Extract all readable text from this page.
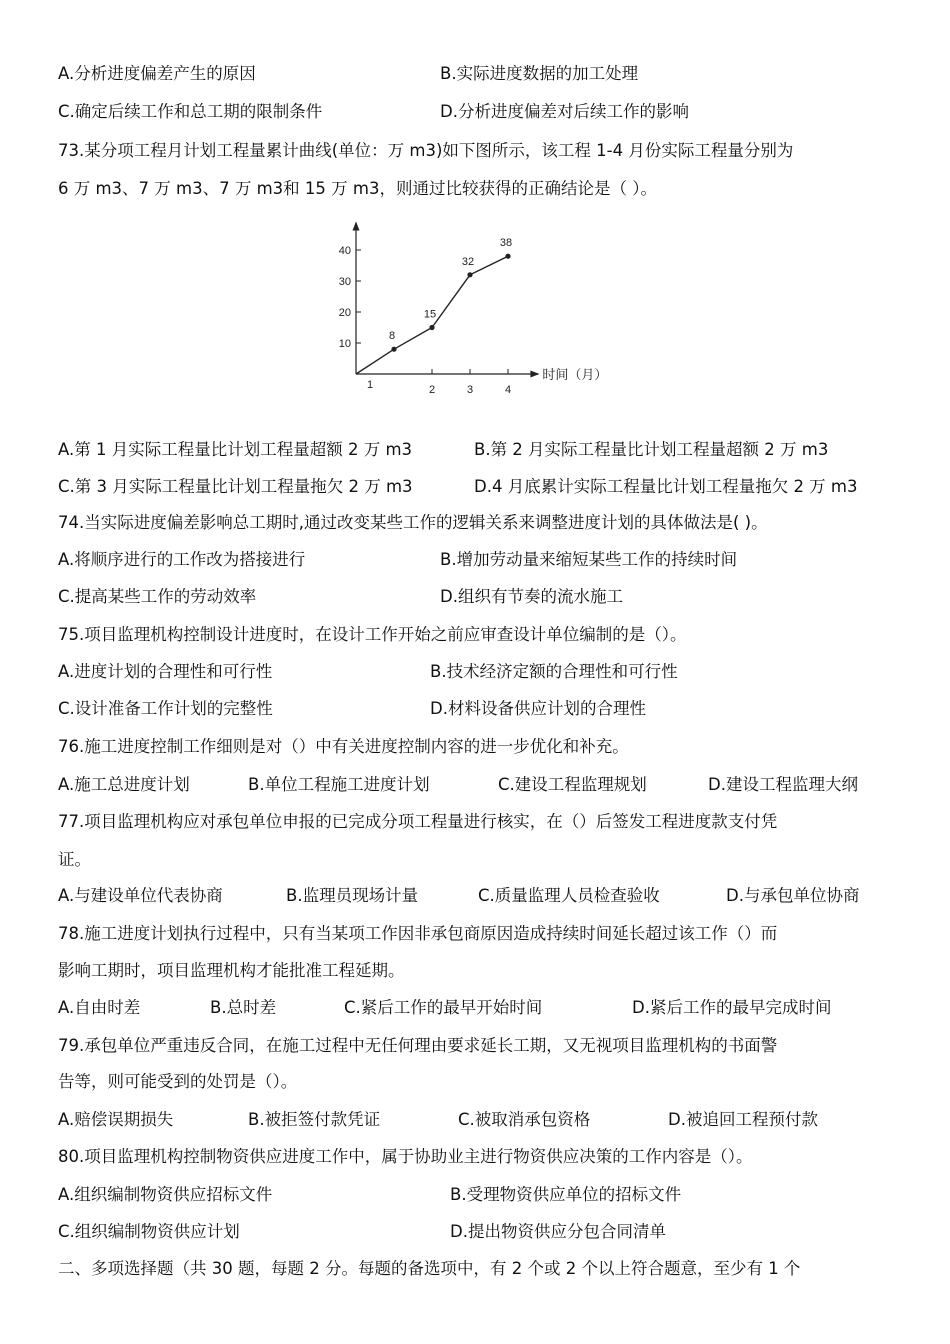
A.分析进度偏差产生的原因	B.实际进度数据的加工处理
C.确定后续工作和总工期的限制条件	D.分析进度偏差对后续工作的影响
73.某分项工程月计划工程量累计曲线(单位：万 m3)如下图所示，该工程 1-4 月份实际工程量分别为
6 万 m3、7 万 m3、7 万 m3和 15 万 m3，则通过比较获得的正确结论是（ ）。
10
20
30
40
1	2	3	4
8
15
32
38
时间（月）
A.第 1 月实际工程量比计划工程量超额 2 万 m3	B.第 2 月实际工程量比计划工程量超额 2 万 m3
C.第 3 月实际工程量比计划工程量拖欠 2 万 m3	D.4 月底累计实际工程量比计划工程量拖欠 2 万 m3
74.当实际进度偏差影响总工期时,通过改变某些工作的逻辑关系来调整进度计划的具体做法是( )。
A.将顺序进行的工作改为搭接进行	B.增加劳动量来缩短某些工作的持续时间
C.提高某些工作的劳动效率	D.组织有节奏的流水施工
75.项目监理机构控制设计进度时，在设计工作开始之前应审查设计单位编制的是（）。
A.进度计划的合理性和可行性	B.技术经济定额的合理性和可行性
C.设计准备工作计划的完整性	D.材料设备供应计划的合理性
76.施工进度控制工作细则是对（）中有关进度控制内容的进一步优化和补充。
A.施工总进度计划	B.单位工程施工进度计划	C.建设工程监理规划	D.建设工程监理大纲
77.项目监理机构应对承包单位申报的已完成分项工程量进行核实，在（）后签发工程进度款支付凭
证。
A.与建设单位代表协商	B.监理员现场计量	C.质量监理人员检查验收	D.与承包单位协商
78.施工进度计划执行过程中，只有当某项工作因非承包商原因造成持续时间延长超过该工作（）而
影响工期时，项目监理机构才能批准工程延期。
A.自由时差	B.总时差	C.紧后工作的最早开始时间	D.紧后工作的最早完成时间
79.承包单位严重违反合同，在施工过程中无任何理由要求延长工期，又无视项目监理机构的书面警
告等，则可能受到的处罚是（）。
A.赔偿误期损失	B.被拒签付款凭证	C.被取消承包资格	D.被追回工程预付款
80.项目监理机构控制物资供应进度工作中，属于协助业主进行物资供应决策的工作内容是（）。
A.组织编制物资供应招标文件	B.受理物资供应单位的招标文件
C.组织编制物资供应计划	D.提出物资供应分包合同清单
二、多项选择题（共 30 题，每题 2 分。每题的备选项中，有 2 个或 2 个以上符合题意，至少有 1 个
